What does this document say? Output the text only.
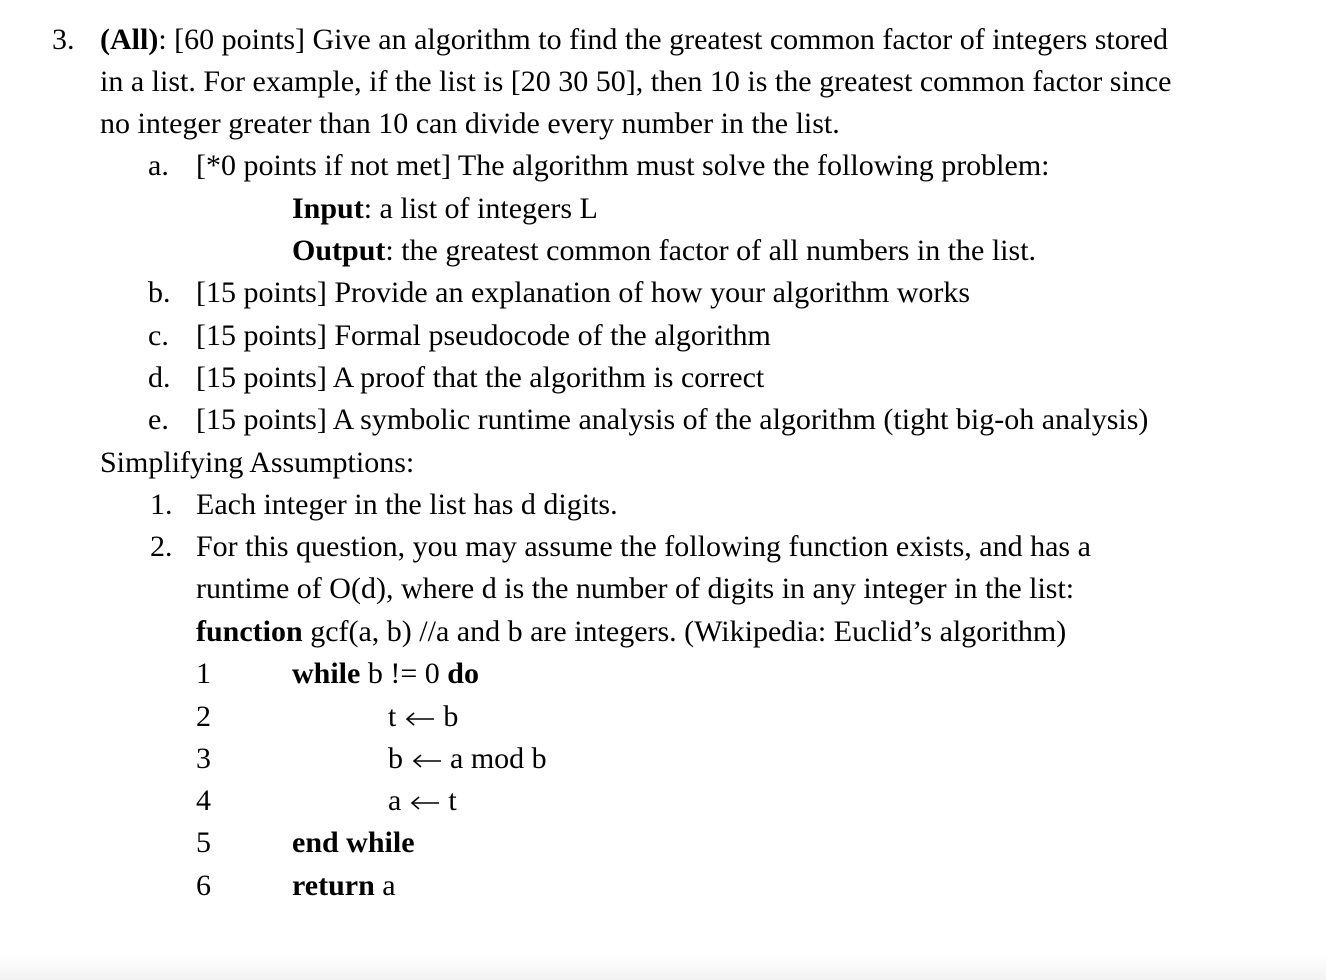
3. (All): [60 points] Give an algorithm to find the greatest common factor of integers stored
in a list. For example, if the list is [20 30 50], then 10 is the greatest common factor since
no integer greater than 10 can divide every number in the list.
a. [*0 points if not met] The algorithm must solve the following problem:
Input: a list of integers L
Output: the greatest common factor of all numbers in the list.
b. [15 points] Provide an explanation of how your algorithm works
c. [15 points] Formal pseudocode of the algorithm
d. [15 points] A proof that the algorithm is correct
e. [15 points] A symbolic runtime analysis of the algorithm (tight big-oh analysis)
Simplifying Assumptions:
1. Each integer in the list has d digits.
2. For this question, you may assume the following function exists, and has a
runtime of O(d), where d is the number of digits in any integer in the list:
function gcf(a, b) //a and b are integers. (Wikipedia: Euclid’s algorithm)
1
2
3
4
5
6
while b != 0 do
t b
b a mod b
a t
end while
return a
